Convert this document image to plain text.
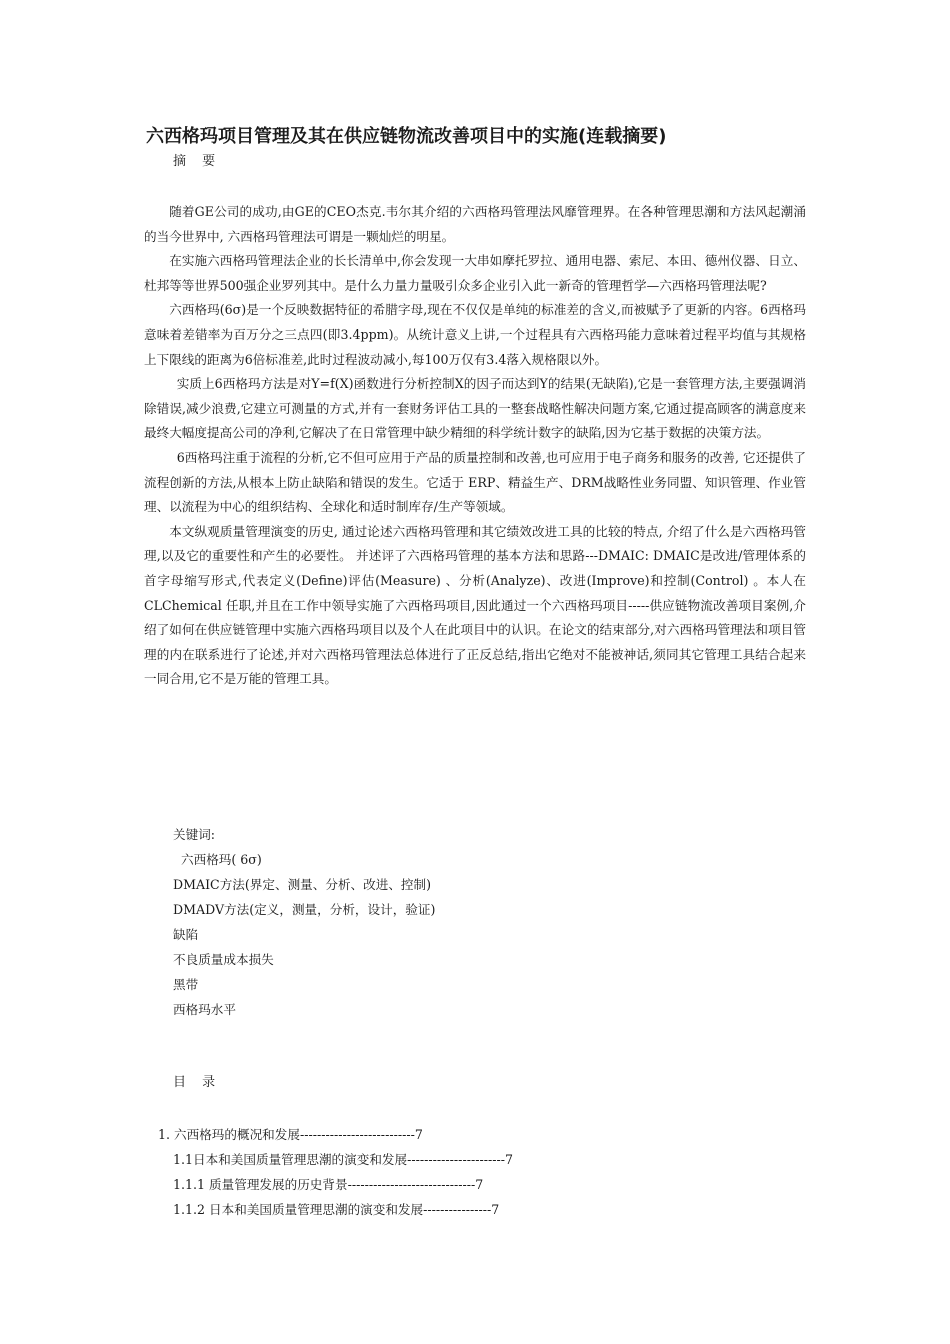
六西格玛项目管理及其在供应链物流改善项目中的实施(连载摘要)
摘 要

随着GE公司的成功,由GE的CEO杰克.韦尔其介绍的六西格玛管理法风靡管理界。在各种管理思潮和方法风起潮涌的当今世界中, 六西格玛管理法可谓是一颗灿烂的明星。

在实施六西格玛管理法企业的长长清单中,你会发现一大串如摩托罗拉、通用电器、索尼、本田、德州仪器、日立、杜邦等等世界500强企业罗列其中。是什么力量力量吸引众多企业引入此一新奇的管理哲学—六西格玛管理法呢?

六西格玛(6σ)是一个反映数据特征的希腊字母,现在不仅仅是单纯的标准差的含义,而被赋予了更新的内容。6西格玛意味着差错率为百万分之三点四(即3.4ppm)。从统计意义上讲,一个过程具有六西格玛能力意味着过程平均值与其规格上下限线的距离为6倍标准差,此时过程波动减小,每100万仅有3.4落入规格限以外。

实质上6西格玛方法是对Y=f(X)函数进行分析控制X的因子而达到Y的结果(无缺陷),它是一套管理方法,主要强调消除错误,减少浪费,它建立可测量的方式,并有一套财务评估工具的一整套战略性解决问题方案,它通过提高顾客的满意度来最终大幅度提高公司的净利,它解决了在日常管理中缺少精细的科学统计数字的缺陷,因为它基于数据的决策方法。

6西格玛注重于流程的分析,它不但可应用于产品的质量控制和改善,也可应用于电子商务和服务的改善, 它还提供了流程创新的方法,从根本上防止缺陷和错误的发生。它适于 ERP、精益生产、DRM战略性业务同盟、知识管理、作业管理、以流程为中心的组织结构、全球化和适时制库存/生产等领域。

本文纵观质量管理演变的历史, 通过论述六西格玛管理和其它绩效改进工具的比较的特点, 介绍了什么是六西格玛管理,以及它的重要性和产生的必要性。 并述评了六西格玛管理的基本方法和思路---DMAIC: DMAIC是改进/管理体系的首字母缩写形式,代表定义(Define)评估(Measure) 、分析(Analyze)、改进(Improve)和控制(Control) 。本人在CLChemical 任职,并且在工作中领导实施了六西格玛项目,因此通过一个六西格玛项目-----供应链物流改善项目案例,介绍了如何在供应链管理中实施六西格玛项目以及个人在此项目中的认识。在论文的结束部分,对六西格玛管理法和项目管理的内在联系进行了论述,并对六西格玛管理法总体进行了正反总结,指出它绝对不能被神话,须同其它管理工具结合起来一同合用,它不是万能的管理工具。

关键词:
六西格玛( 6σ)
DMAIC方法(界定、测量、分析、改进、控制)
DMADV方法(定义，测量，分析，设计，验证)
缺陷
不良质量成本损失
黑带
西格玛水平
目 录
1. 六西格玛的概况和发展---------------------------7
1.1日本和美国质量管理思潮的演变和发展-----------------------7
1.1.1 质量管理发展的历史背景------------------------------7
1.1.2 日本和美国质量管理思潮的演变和发展----------------7
